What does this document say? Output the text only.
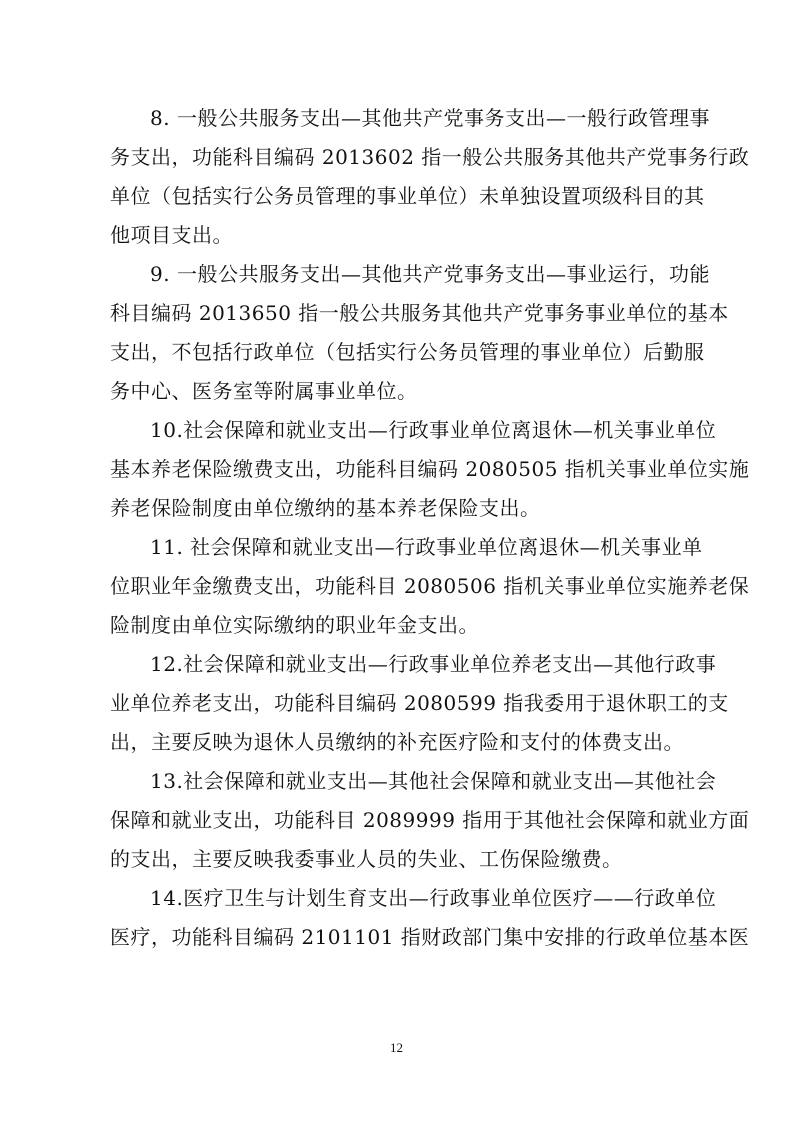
8. 一般公共服务支出—其他共产党事务支出—一般行政管理事
务支出，功能科目编码 2013602 指一般公共服务其他共产党事务行政
单位（包括实行公务员管理的事业单位）未单独设置项级科目的其
他项目支出。
9. 一般公共服务支出—其他共产党事务支出—事业运行，功能
科目编码 2013650 指一般公共服务其他共产党事务事业单位的基本
支出，不包括行政单位（包括实行公务员管理的事业单位）后勤服
务中心、医务室等附属事业单位。
10.社会保障和就业支出—行政事业单位离退休—机关事业单位
基本养老保险缴费支出，功能科目编码 2080505 指机关事业单位实施
养老保险制度由单位缴纳的基本养老保险支出。
11. 社会保障和就业支出—行政事业单位离退休—机关事业单
位职业年金缴费支出，功能科目 2080506 指机关事业单位实施养老保
险制度由单位实际缴纳的职业年金支出。
12.社会保障和就业支出—行政事业单位养老支出—其他行政事
业单位养老支出，功能科目编码 2080599 指我委用于退休职工的支
出，主要反映为退休人员缴纳的补充医疗险和支付的体费支出。
13.社会保障和就业支出—其他社会保障和就业支出—其他社会
保障和就业支出，功能科目 2089999 指用于其他社会保障和就业方面
的支出，主要反映我委事业人员的失业、工伤保险缴费。
14.医疗卫生与计划生育支出—行政事业单位医疗——行政单位
医疗，功能科目编码 2101101 指财政部门集中安排的行政单位基本医
12
